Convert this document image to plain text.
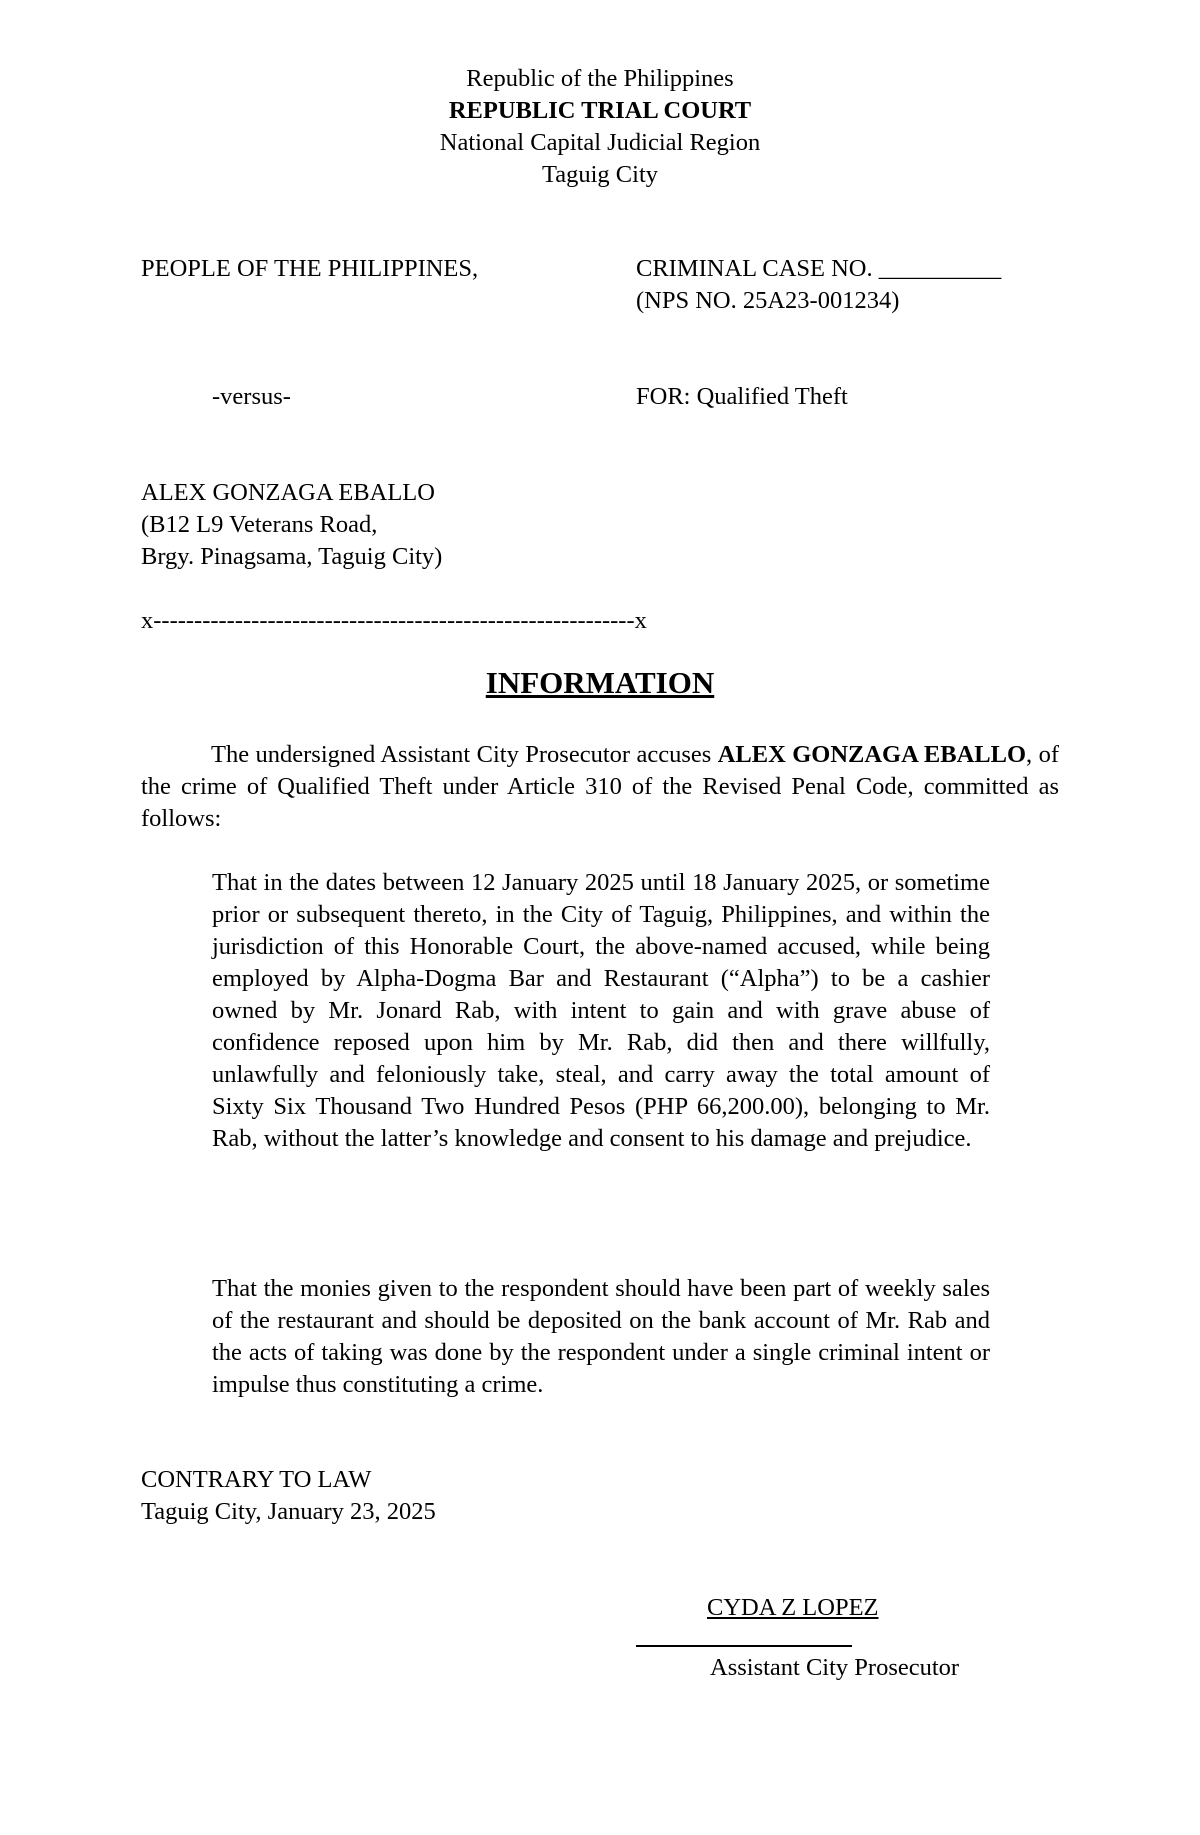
Republic of the Philippines
REPUBLIC TRIAL COURT
National Capital Judicial Region
Taguig City
PEOPLE OF THE PHILIPPINES,	CRIMINAL CASE NO. __________
(NPS NO. 25A23-001234)
-versus-	FOR: Qualified Theft
ALEX GONZAGA EBALLO
(B12 L9 Veterans Road,
Brgy. Pinagsama, Taguig City)
x-----------------------------------------------------------x
INFORMATION

The undersigned Assistant City Prosecutor accuses ALEX GONZAGA EBALLO, of the crime of Qualified Theft under Article 310 of the Revised Penal Code, committed as follows:

That in the dates between 12 January 2025 until 18 January 2025, or sometime prior or subsequent thereto, in the City of Taguig, Philippines, and within the jurisdiction of this Honorable Court, the above-named accused, while being employed by Alpha-Dogma Bar and Restaurant (“Alpha”) to be a cashier owned by Mr. Jonard Rab, with intent to gain and with grave abuse of confidence reposed upon him by Mr. Rab, did then and there willfully, unlawfully and feloniously take, steal, and carry away the total amount of Sixty Six Thousand Two Hundred Pesos (PHP 66,200.00), belonging to Mr. Rab, without the latter’s knowledge and consent to his damage and prejudice.

That the monies given to the respondent should have been part of weekly sales of the restaurant and should be deposited on the bank account of Mr. Rab and the acts of taking was done by the respondent under a single criminal intent or impulse thus constituting a crime.

CONTRARY TO LAW
Taguig City, January 23, 2025
CYDA Z LOPEZ
Assistant City Prosecutor
